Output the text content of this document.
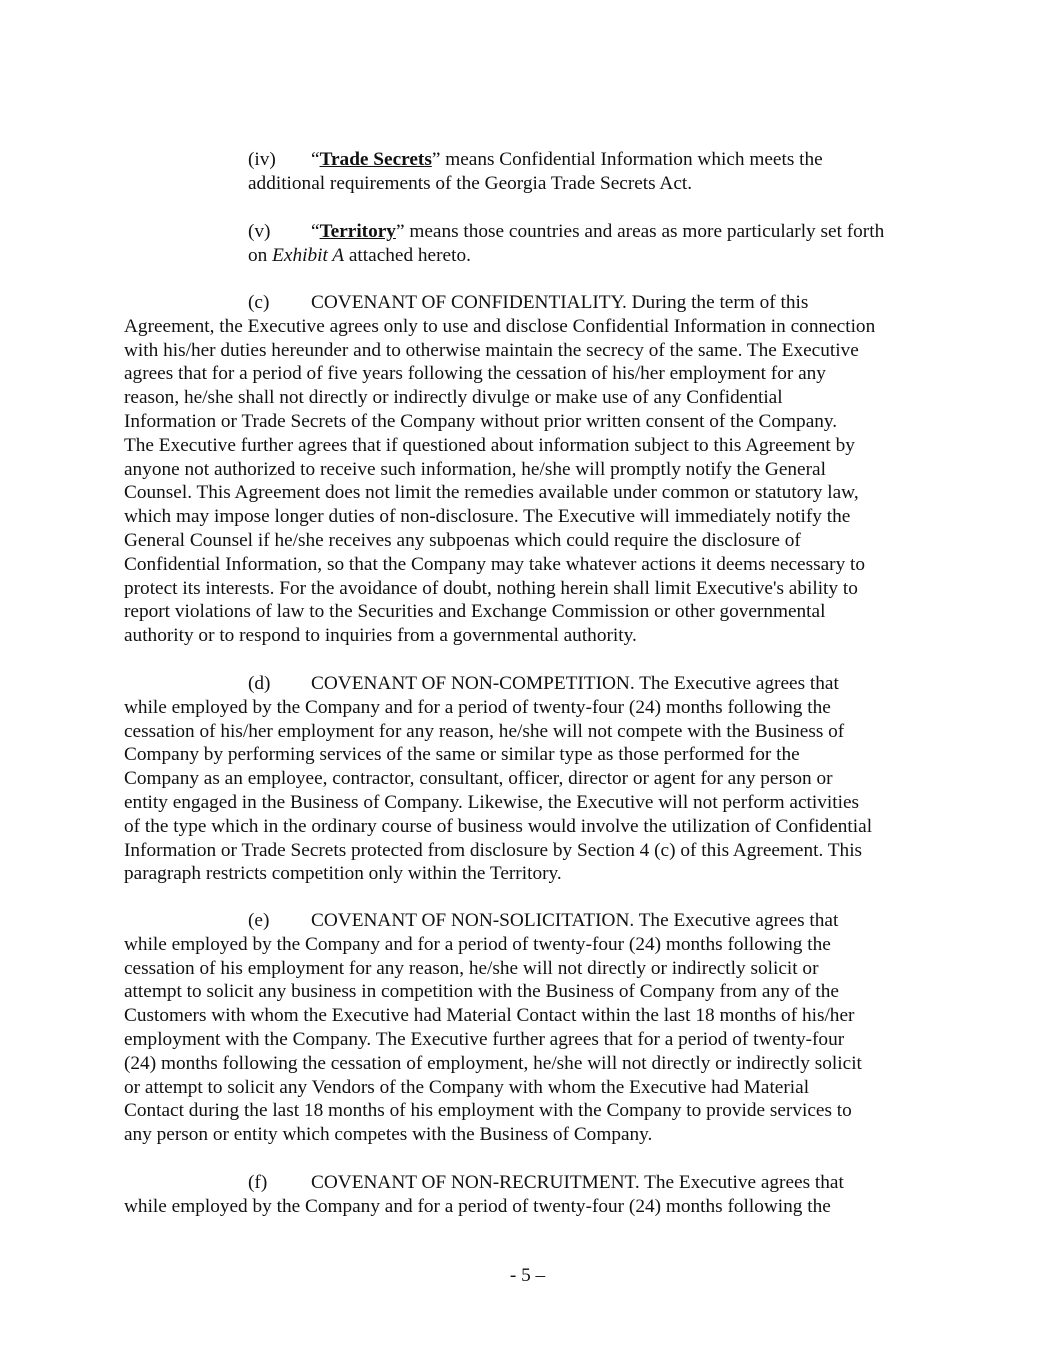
(iv) “Trade Secrets” means Confidential Information which meets the
additional requirements of the Georgia Trade Secrets Act.
(v) “Territory” means those countries and areas as more particularly set forth
on Exhibit A attached hereto.
(c) COVENANT OF CONFIDENTIALITY. During the term of this
Agreement, the Executive agrees only to use and disclose Confidential Information in connection
with his/her duties hereunder and to otherwise maintain the secrecy of the same. The Executive
agrees that for a period of five years following the cessation of his/her employment for any
reason, he/she shall not directly or indirectly divulge or make use of any Confidential
Information or Trade Secrets of the Company without prior written consent of the Company.
The Executive further agrees that if questioned about information subject to this Agreement by
anyone not authorized to receive such information, he/she will promptly notify the General
Counsel. This Agreement does not limit the remedies available under common or statutory law,
which may impose longer duties of non-disclosure. The Executive will immediately notify the
General Counsel if he/she receives any subpoenas which could require the disclosure of
Confidential Information, so that the Company may take whatever actions it deems necessary to
protect its interests. For the avoidance of doubt, nothing herein shall limit Executive's ability to
report violations of law to the Securities and Exchange Commission or other governmental
authority or to respond to inquiries from a governmental authority.
(d) COVENANT OF NON-COMPETITION. The Executive agrees that
while employed by the Company and for a period of twenty-four (24) months following the
cessation of his/her employment for any reason, he/she will not compete with the Business of
Company by performing services of the same or similar type as those performed for the
Company as an employee, contractor, consultant, officer, director or agent for any person or
entity engaged in the Business of Company. Likewise, the Executive will not perform activities
of the type which in the ordinary course of business would involve the utilization of Confidential
Information or Trade Secrets protected from disclosure by Section 4 (c) of this Agreement. This
paragraph restricts competition only within the Territory.
(e) COVENANT OF NON-SOLICITATION. The Executive agrees that
while employed by the Company and for a period of twenty-four (24) months following the
cessation of his employment for any reason, he/she will not directly or indirectly solicit or
attempt to solicit any business in competition with the Business of Company from any of the
Customers with whom the Executive had Material Contact within the last 18 months of his/her
employment with the Company. The Executive further agrees that for a period of twenty-four
(24) months following the cessation of employment, he/she will not directly or indirectly solicit
or attempt to solicit any Vendors of the Company with whom the Executive had Material
Contact during the last 18 months of his employment with the Company to provide services to
any person or entity which competes with the Business of Company.
(f) COVENANT OF NON-RECRUITMENT. The Executive agrees that
while employed by the Company and for a period of twenty-four (24) months following the
- 5 –
